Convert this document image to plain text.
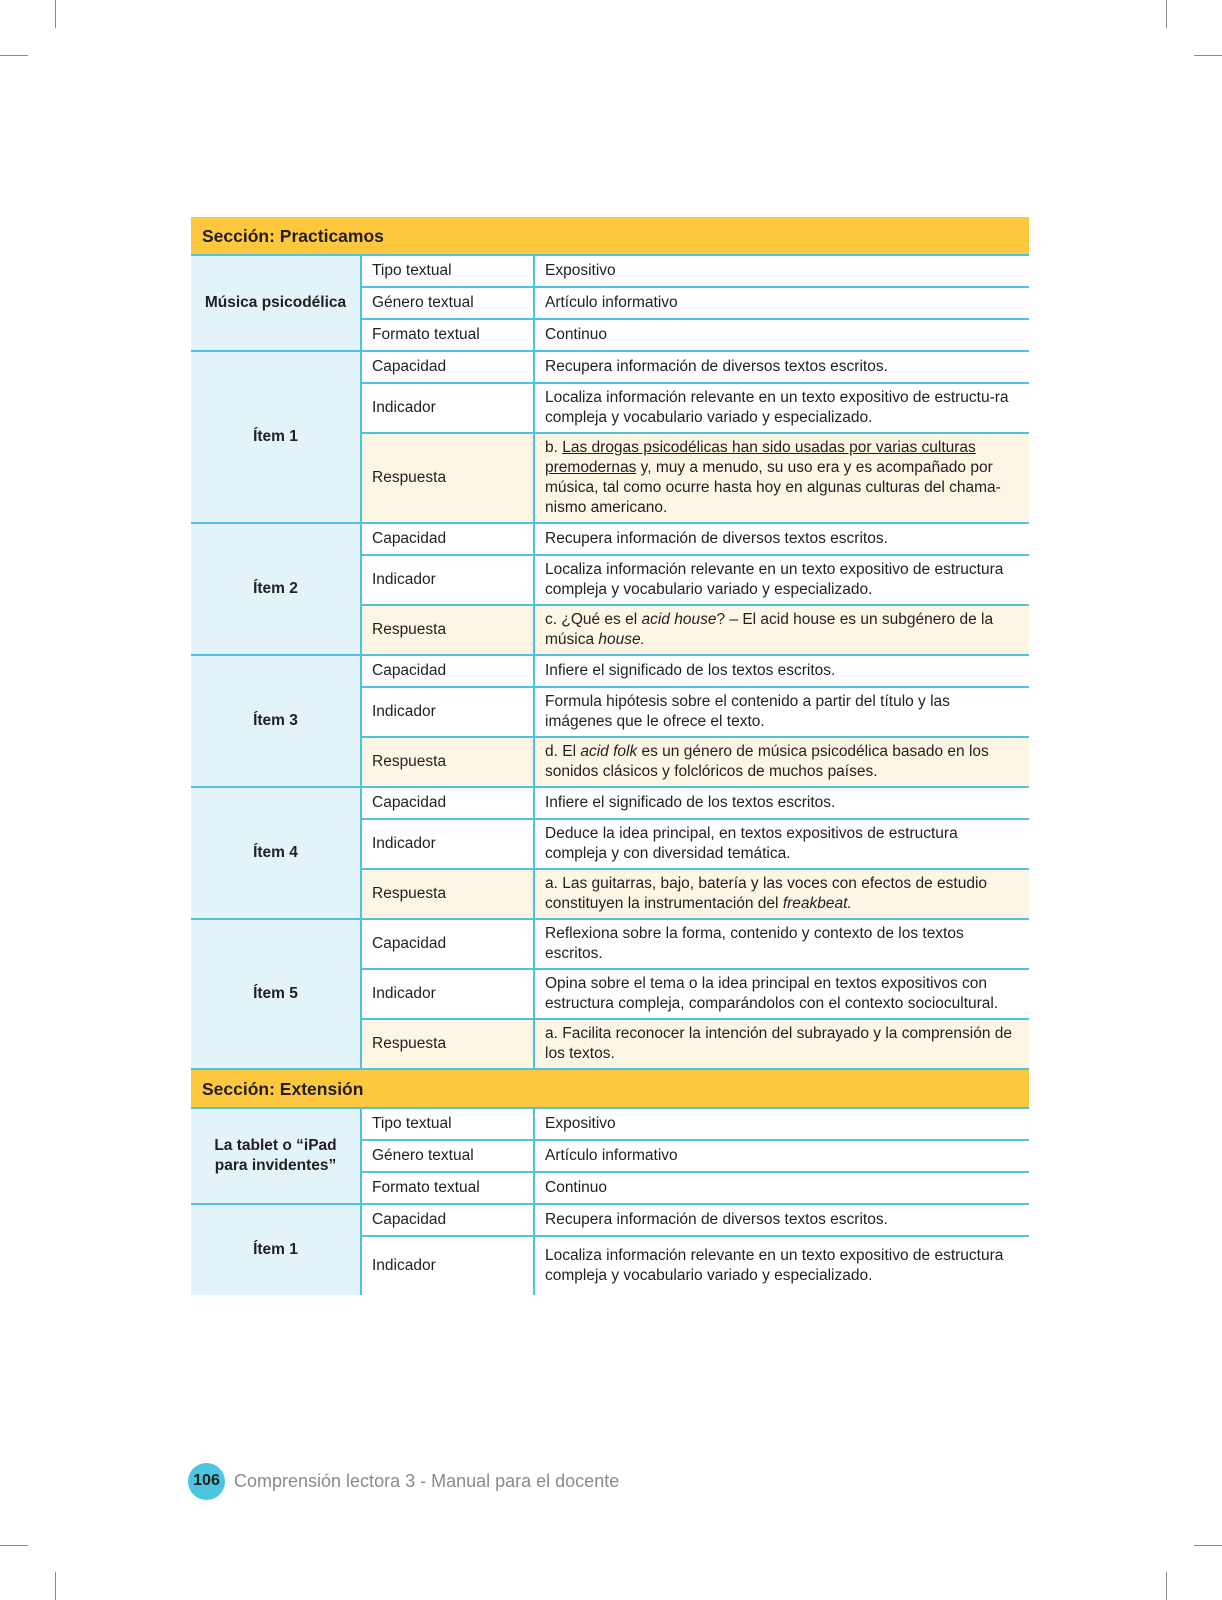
Sección: Practicamos		
Música psicodélica	Tipo textual	Expositivo
	Género textual	Artículo informativo
	Formato textual	Continuo
Ítem 1	Capacidad	Recupera información de diversos textos escritos.
	Indicador	Localiza información relevante en un texto expositivo de estructu-ra compleja y vocabulario variado y especializado.
	Respuesta	b. Las drogas psicodélicas han sido usadas por varias culturas premodernas y, muy a menudo, su uso era y es acompañado por música, tal como ocurre hasta hoy en algunas culturas del chama-nismo americano.
Ítem 2	Capacidad	Recupera información de diversos textos escritos.
	Indicador	Localiza información relevante en un texto expositivo de estructura compleja y vocabulario variado y especializado.
	Respuesta	c. ¿Qué es el acid house? – El acid house es un subgénero de la música house.
Ítem 3	Capacidad	Infiere el significado de los textos escritos.
	Indicador	Formula hipótesis sobre el contenido a partir del título y las imágenes que le ofrece el texto.
	Respuesta	d. El acid folk es un género de música psicodélica basado en los sonidos clásicos y folclóricos de muchos países.
Ítem 4	Capacidad	Infiere el significado de los textos escritos.
	Indicador	Deduce la idea principal, en textos expositivos de estructura compleja y con diversidad temática.
	Respuesta	a. Las guitarras, bajo, batería y las voces con efectos de estudio constituyen la instrumentación del freakbeat.
Ítem 5	Capacidad	Reflexiona sobre la forma, contenido y contexto de los textos escritos.
	Indicador	Opina sobre el tema o la idea principal en textos expositivos con estructura compleja, comparándolos con el contexto sociocultural.
	Respuesta	a. Facilita reconocer la intención del subrayado y la comprensión de los textos.
Sección: Extensión		
La tablet o “iPad para invidentes”	Tipo textual	Expositivo
	Género textual	Artículo informativo
	Formato textual	Continuo
Ítem 1	Capacidad	Recupera información de diversos textos escritos.
	Indicador	Localiza información relevante en un texto expositivo de estructura compleja y vocabulario variado y especializado.
106 Comprensión lectora 3 - Manual para el docente
